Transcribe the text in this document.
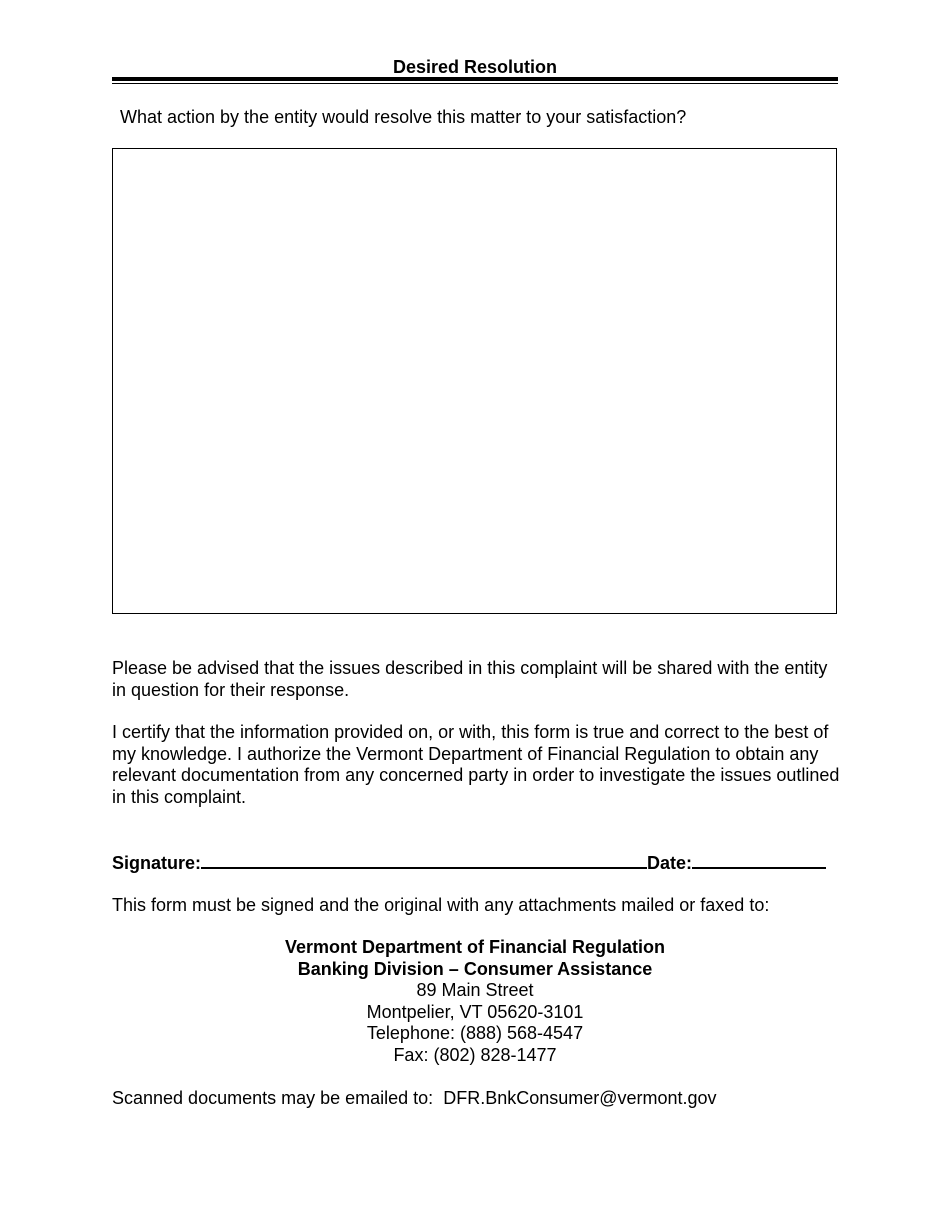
Desired Resolution
What action by the entity would resolve this matter to your satisfaction?
Please be advised that the issues described in this complaint will be shared with the entity in question for their response.
I certify that the information provided on, or with, this form is true and correct to the best of my knowledge. I authorize the Vermont Department of Financial Regulation to obtain any relevant documentation from any concerned party in order to investigate the issues outlined in this complaint.
Signature:	Date:
This form must be signed and the original with any attachments mailed or faxed to:
Vermont Department of Financial Regulation
Banking Division – Consumer Assistance
89 Main Street
Montpelier, VT 05620-3101
Telephone: (888) 568-4547
Fax: (802) 828-1477
Scanned documents may be emailed to:  DFR.BnkConsumer@vermont.gov
